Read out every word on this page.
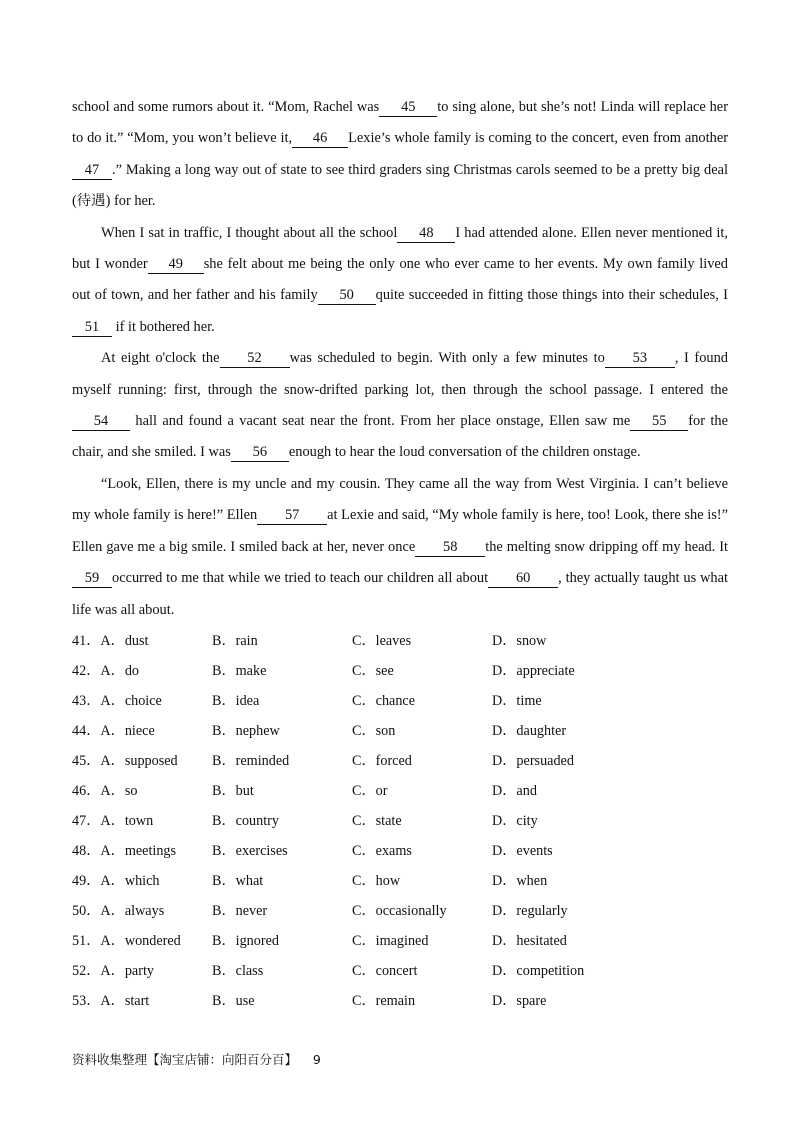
school and some rumors about it. “Mom, Rachel was 45 to sing alone, but she’s not! Linda will replace her to do it.” “Mom, you won’t believe it, 46 Lexie’s whole family is coming to the concert, even from another47 .” Making a long way out of state to see third graders sing Christmas carols seemed to be a pretty big deal (待遇) for her.

When I sat in traffic, I thought about all the school 48 I had attended alone. Ellen never mentioned it, but I wonder 49 she felt about me being the only one who ever came to her events. My own family lived out of town, and her father and his family 50 quite succeeded in fitting those things into their schedules, I51 if it bothered her.

At eight o'clock the 52 was scheduled to begin. With only a few minutes to 53 , I found myself running: first, through the snow-drifted parking lot, then through the school passage. I entered the54 hall and found a vacant seat near the front. From her place onstage, Ellen saw me 55 for the chair, and she smiled. I was 56 enough to hear the loud conversation of the children onstage.

“Look, Ellen, there is my uncle and my cousin. They came all the way from West Virginia. I can’t believe my whole family is here!” Ellen 57 at Lexie and said, “My whole family is here, too! Look, there she is!” Ellen gave me a big smile. I smiled back at her, never once 58 the melting snow dripping off my head. It 59 occurred to me that while we tried to teach our children all about 60 , they actually taught us what life was all about.

41．A．dust	B．rain	C．leaves	D．snow
42．A．do	B．make	C．see	D．appreciate
43．A．choice	B．idea	C．chance	D．time
44．A．niece	B．nephew	C．son	D．daughter
45．A．supposed B．reminded	C．forced	D．persuaded
46．A．so	B．but	C．or	D．and
47．A．town	B．country	C．state	D．city
48．A．meetings	B．exercises	C．exams	D．events
49．A．which	B．what	C．how	D．when
50．A．always	B．never	C．occasionally	D．regularly
51．A．wondered B．ignored	C．imagined	D．hesitated
52．A．party	B．class	C．concert	D．competition
53．A．start	B．use	C．remain	D．spare
资料收集整理【淘宝店铺：向阳百分百】 9
